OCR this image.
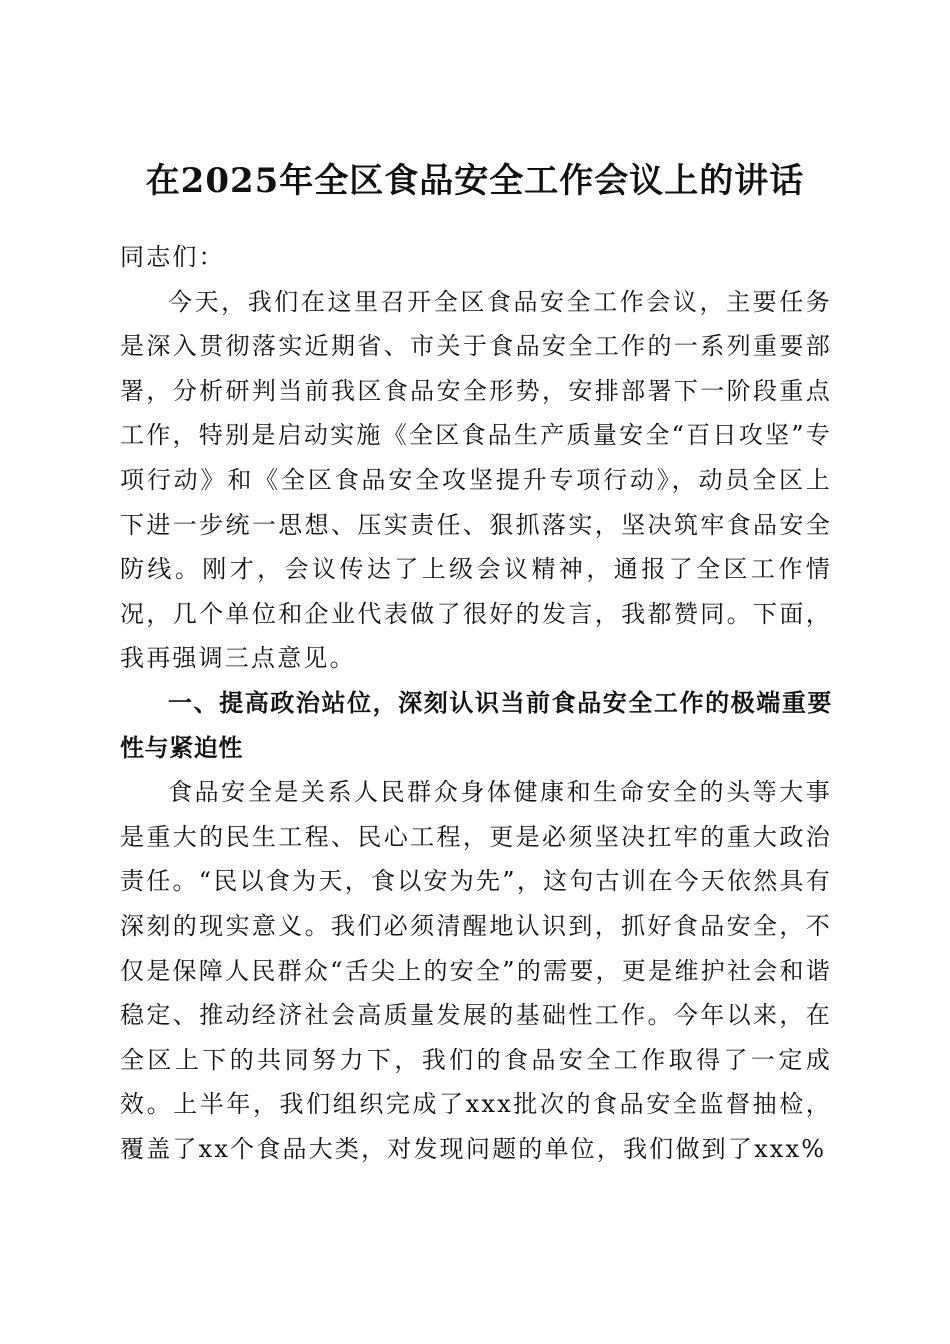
在2025年全区食品安全工作会议上的讲话

同志们：

今天，我们在这里召开全区食品安全工作会议，主要任务是深入贯彻落实近期省、市关于食品安全工作的一系列重要部署，分析研判当前我区食品安全形势，安排部署下一阶段重点工作，特别是启动实施《全区食品生产质量安全“百日攻坚”专项行动》和《全区食品安全攻坚提升专项行动》，动员全区上下进一步统一思想、压实责任、狠抓落实，坚决筑牢食品安全防线。刚才，会议传达了上级会议精神，通报了全区工作情况，几个单位和企业代表做了很好的发言，我都赞同。下面，我再强调三点意见。

一、提高政治站位，深刻认识当前食品安全工作的极端重要性与紧迫性

食品安全是关系人民群众身体健康和生命安全的头等大事是重大的民生工程、民心工程，更是必须坚决扛牢的重大政治责任。“民以食为天，食以安为先”，这句古训在今天依然具有深刻的现实意义。我们必须清醒地认识到，抓好食品安全，不仅是保障人民群众“舌尖上的安全”的需要，更是维护社会和谐稳定、推动经济社会高质量发展的基础性工作。今年以来，在全区上下的共同努力下，我们的食品安全工作取得了一定成效。上半年，我们组织完成了xxx批次的食品安全监督抽检，覆盖了xx个食品大类，对发现问题的单位，我们做到了xxx%
